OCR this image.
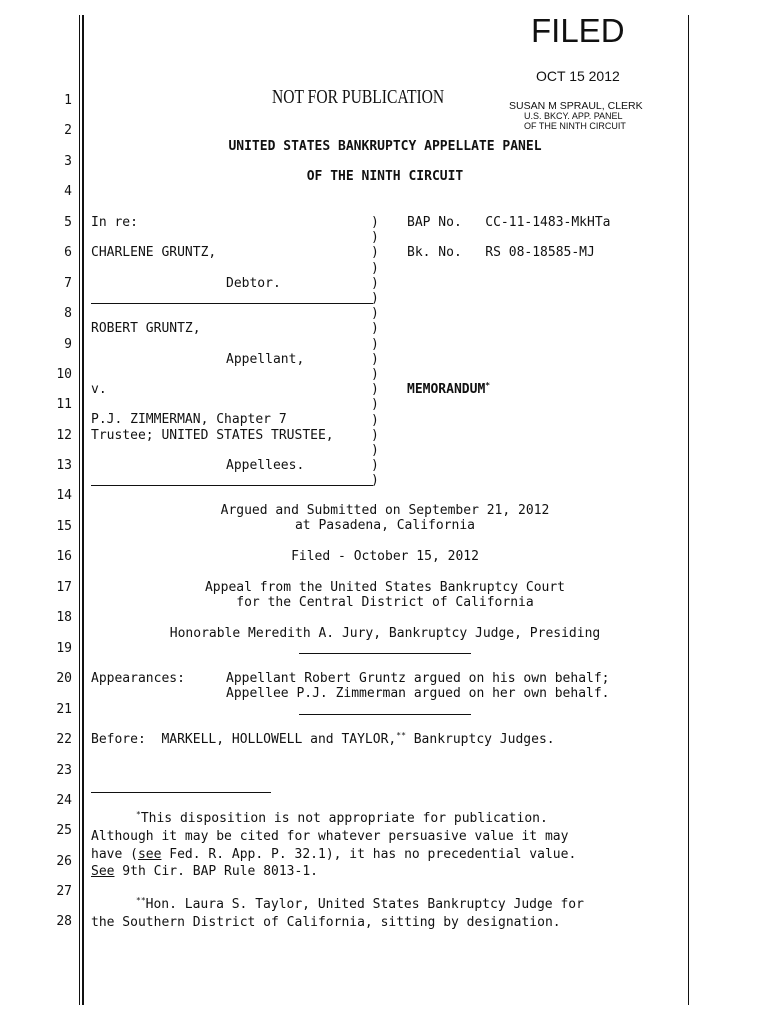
FILED
OCT 15 2012
SUSAN M SPRAUL, CLERK
U.S. BKCY. APP. PANEL
OF THE NINTH CIRCUIT
NOT FOR PUBLICATION
1
2
3
4
5
6
7
8
9
10
11
12
13
14
15
16
17
18
19
20
21
22
23
24
25
26
27
28
UNITED STATES BANKRUPTCY APPELLATE PANEL
OF THE NINTH CIRCUIT
In re:
CHARLENE GRUNTZ,
Debtor.
ROBERT GRUNTZ,
Appellant,
v.
P.J. ZIMMERMAN, Chapter 7
Trustee; UNITED STATES TRUSTEE,
Appellees.
)
)
)
)
)
)
)
)
)
)
)
)
)
)
)
)
)
)
BAP No.   CC-11-1483-MkHTa
Bk. No.   RS 08-18585-MJ
MEMORANDUM*
Argued and Submitted on September 21, 2012
at Pasadena, California
Filed - October 15, 2012
Appeal from the United States Bankruptcy Court
for the Central District of California
Honorable Meredith A. Jury, Bankruptcy Judge, Presiding
Appearances:	Appellant Robert Gruntz argued on his own behalf;
Appellee P.J. Zimmerman argued on her own behalf.
Before:  MARKELL, HOLLOWELL and TAYLOR,** Bankruptcy Judges.
*This disposition is not appropriate for publication.
Although it may be cited for whatever persuasive value it may
have (see Fed. R. App. P. 32.1), it has no precedential value.
See 9th Cir. BAP Rule 8013-1.
**Hon. Laura S. Taylor, United States Bankruptcy Judge for
the Southern District of California, sitting by designation.
